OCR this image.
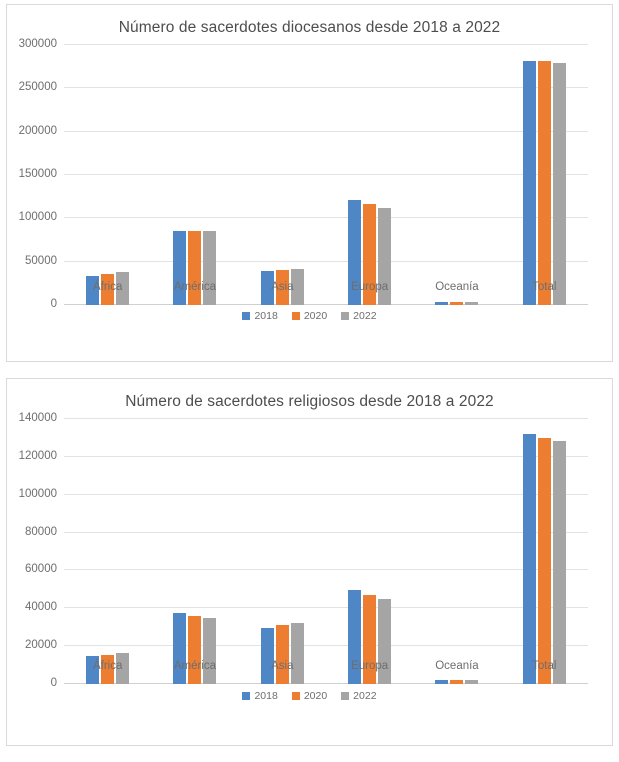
Número de sacerdotes diocesanos desde 2018 a 2022
0
50000
100000
150000
200000
250000
300000
África	América	Asia	Europa	Oceanía	Total
2018 2020 2022
Número de sacerdotes religiosos desde 2018 a 2022
0
20000
40000
60000
80000
100000
120000
140000
África	América	Asia	Europa	Oceanía	Total
2018 2020 2022
